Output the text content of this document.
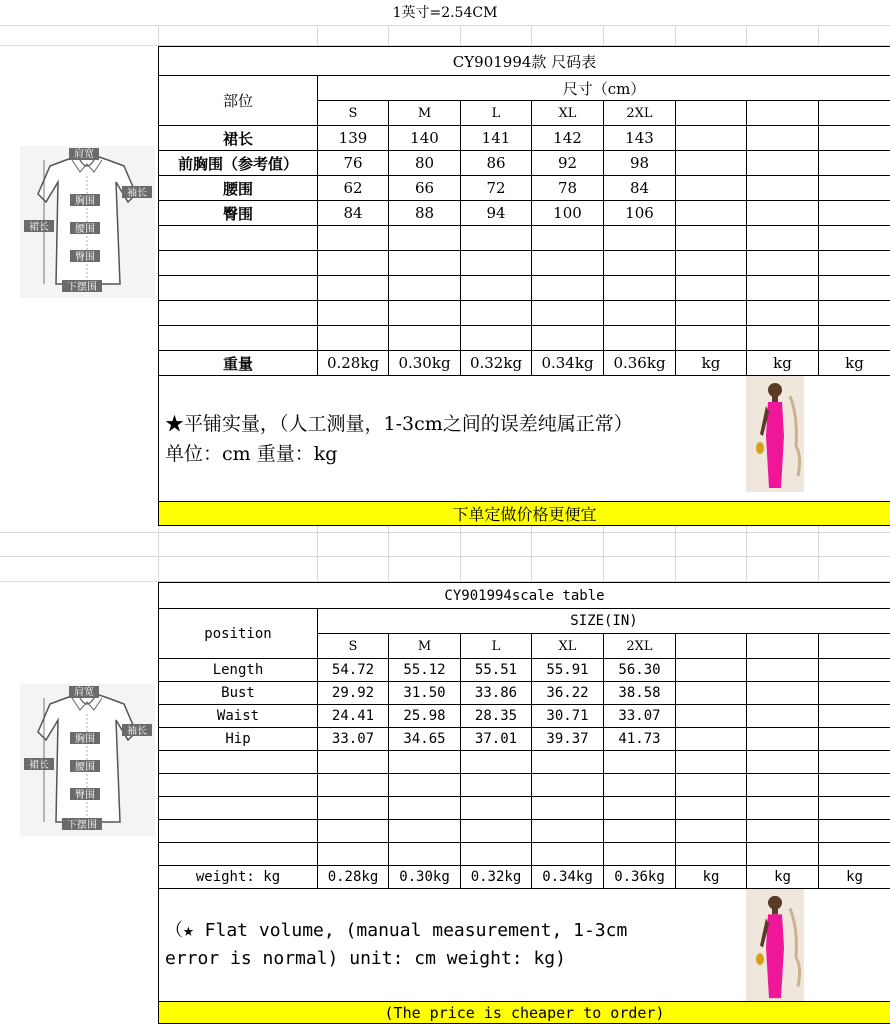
1英寸=2.54CM
肩宽
袖长
裙长
胸围
腰围
臀围
下摆围
CY901994款 尺码表								
部位	尺寸（cm）							
	S	M	L	XL	2XL			
裙长	139	140	141	142	143			
前胸围（参考值）	76	80	86	92	98			
腰围	62	66	72	78	84			
臀围	84	88	94	100	106			

重量	0.28kg	0.30kg	0.32kg	0.34kg	0.36kg	kg	kg	kg

★平铺实量，（人工测量，1-3cm之间的误差纯属正常）
单位：cm 重量：kg								

下单定做价格更便宜								
肩宽
袖长
裙长
胸围
腰围
臀围
下摆围
CY901994scale table								
position	SIZE(IN)							
	S	M	L	XL	2XL			
Length	54.72	55.12	55.51	55.91	56.30			
Bust	29.92	31.50	33.86	36.22	38.58			
Waist	24.41	25.98	28.35	30.71	33.07			
Hip	33.07	34.65	37.01	39.37	41.73			

weight: kg	0.28kg	0.30kg	0.32kg	0.34kg	0.36kg	kg	kg	kg

（★ Flat volume, (manual measurement, 1-3cm
error is normal) unit: cm weight: kg)								

(The price is cheaper to order)								
